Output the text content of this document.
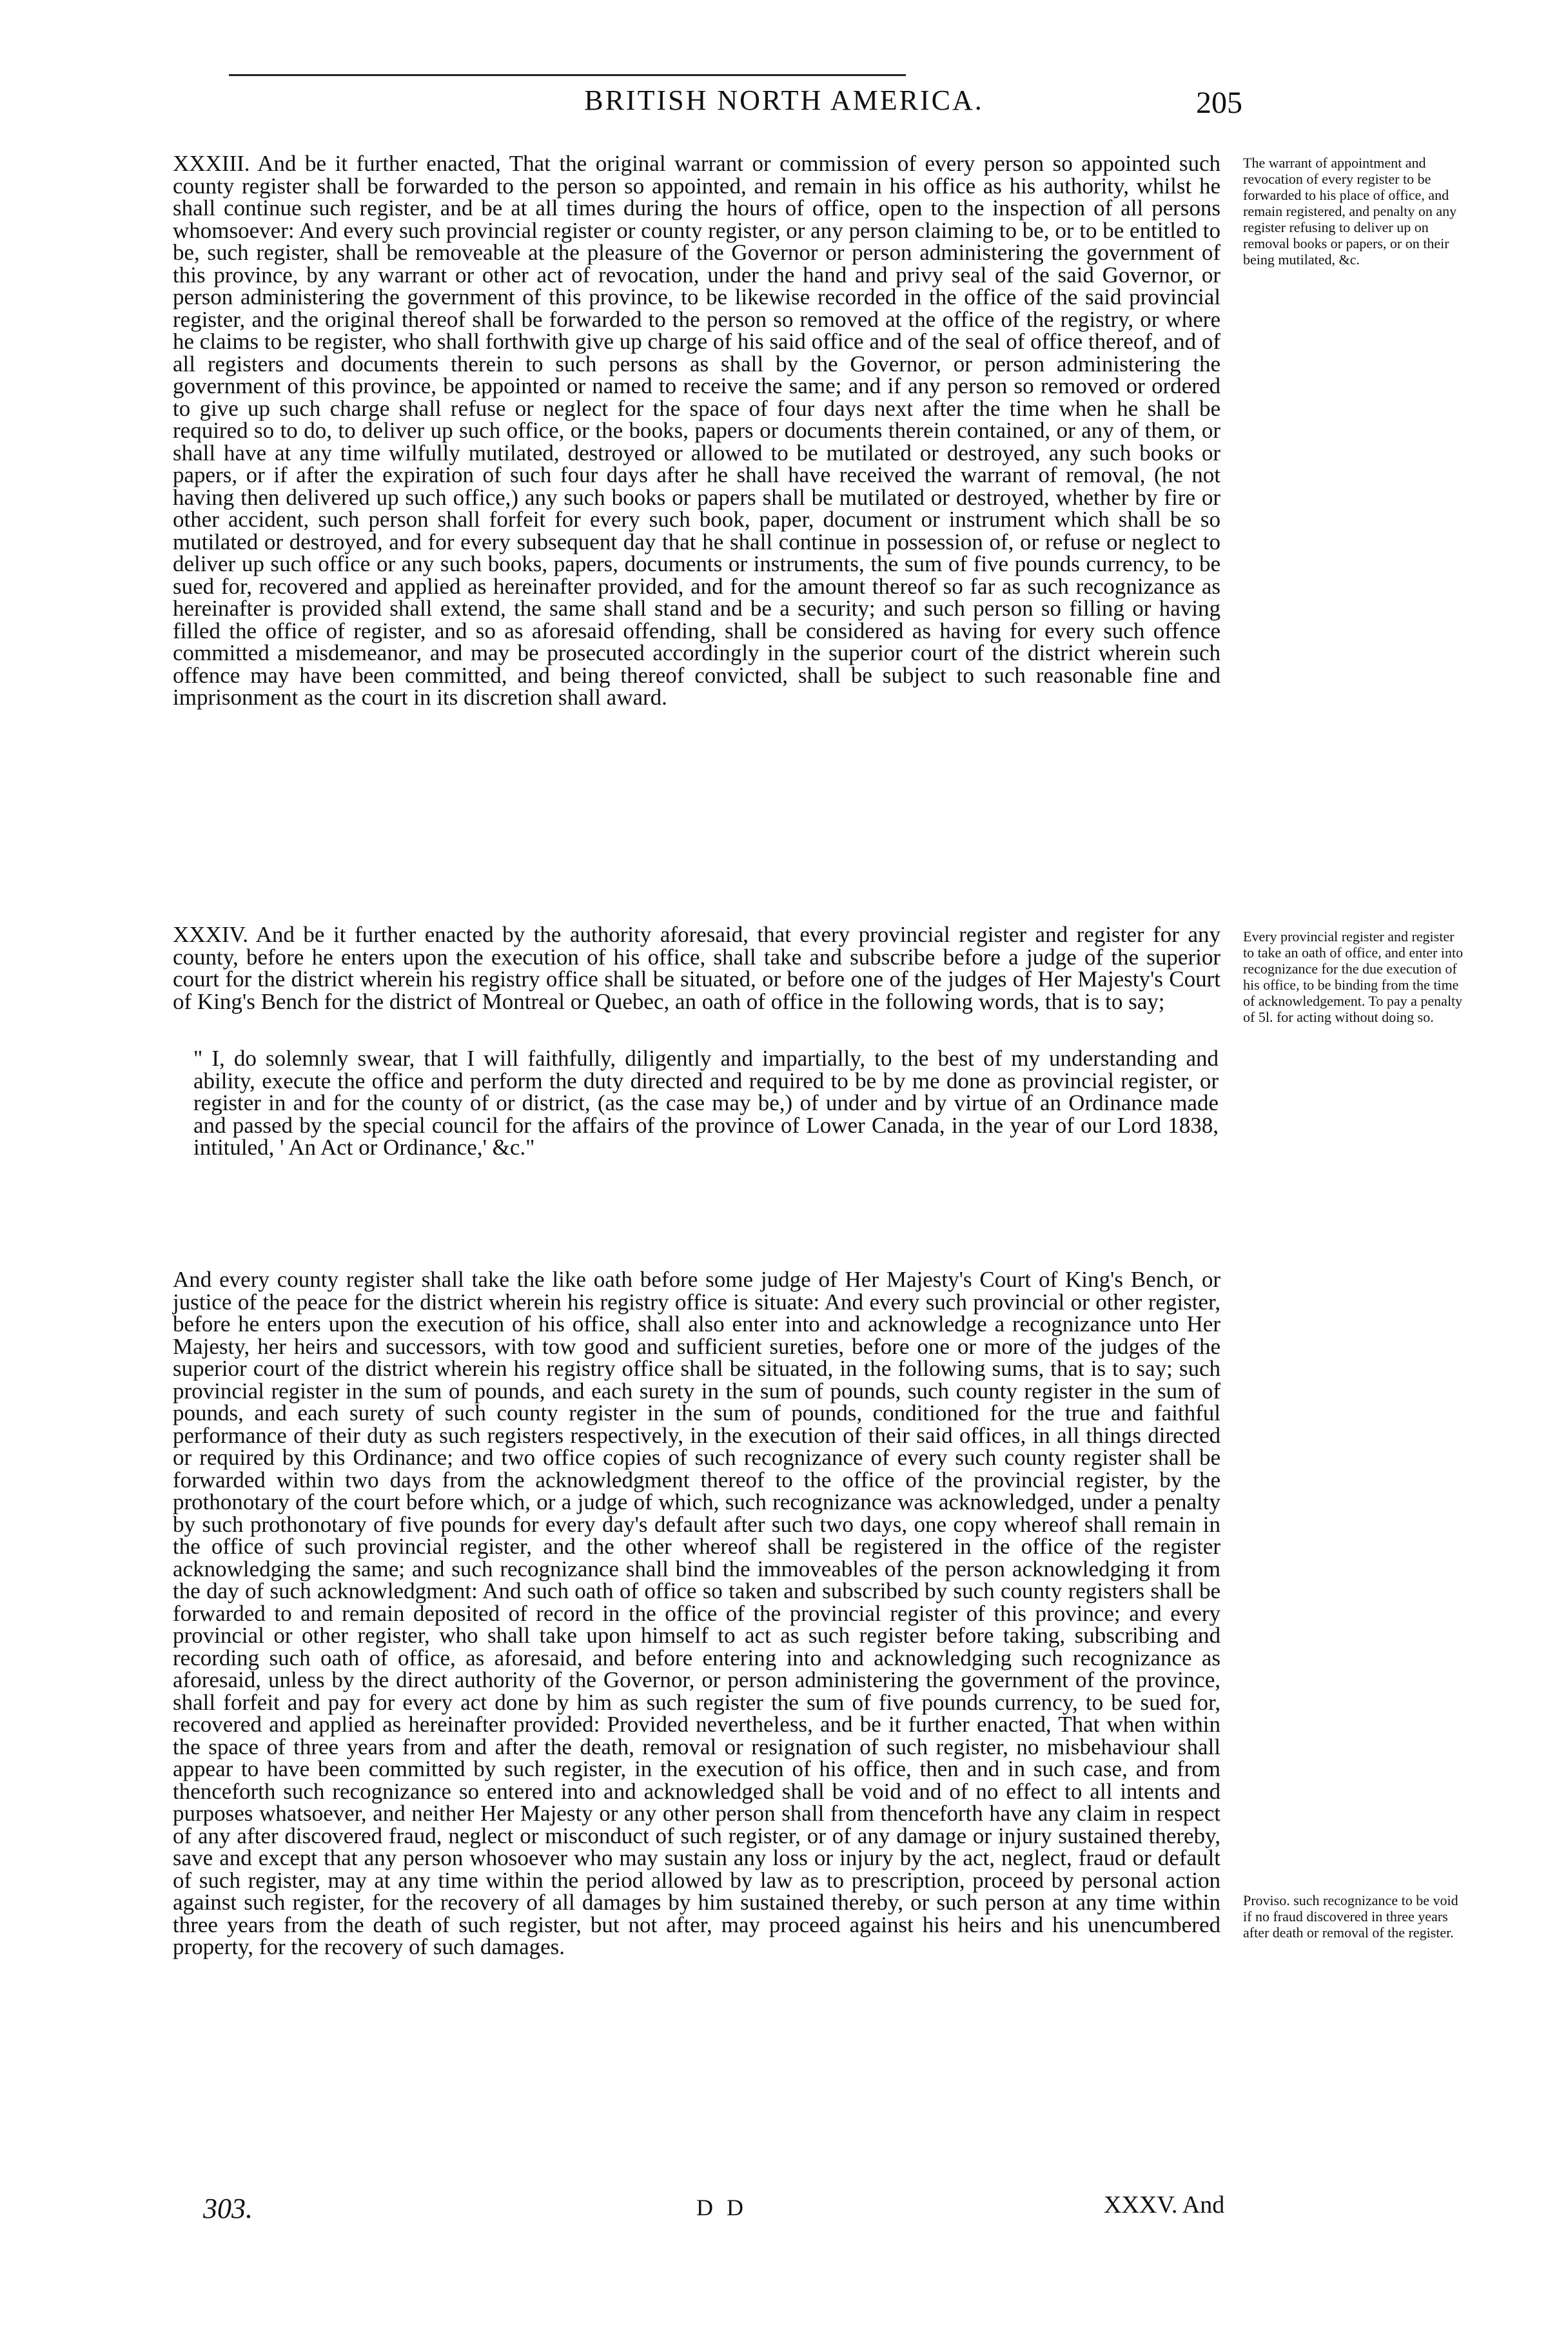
BRITISH NORTH AMERICA.	205

XXXIII. And be it further enacted, That the original warrant or commission of every person so appointed such county register shall be forwarded to the person so appointed, and remain in his office as his authority, whilst he shall continue such register, and be at all times during the hours of office, open to the inspection of all persons whomsoever: And every such provincial register or county register, or any person claiming to be, or to be entitled to be, such register, shall be removeable at the pleasure of the Governor or person administering the government of this province, by any warrant or other act of revocation, under the hand and privy seal of the said Governor, or person administering the government of this province, to be likewise recorded in the office of the said provincial register, and the original thereof shall be forwarded to the person so removed at the office of the registry, or where he claims to be register, who shall forthwith give up charge of his said office and of the seal of office thereof, and of all registers and documents therein to such persons as shall by the Governor, or person administering the government of this province, be appointed or named to receive the same; and if any person so removed or ordered to give up such charge shall refuse or neglect for the space of four days next after the time when he shall be required so to do, to deliver up such office, or the books, papers or documents therein contained, or any of them, or shall have at any time wilfully mutilated, destroyed or allowed to be mutilated or destroyed, any such books or papers, or if after the expiration of such four days after he shall have received the warrant of removal, (he not having then delivered up such office,) any such books or papers shall be mutilated or destroyed, whether by fire or other accident, such person shall forfeit for every such book, paper, document or instrument which shall be so mutilated or destroyed, and for every subsequent day that he shall continue in possession of, or refuse or neglect to deliver up such office or any such books, papers, documents or instruments, the sum of five pounds currency, to be sued for, recovered and applied as hereinafter provided, and for the amount thereof so far as such recognizance as hereinafter is provided shall extend, the same shall stand and be a security; and such person so filling or having filled the office of register, and so as aforesaid offending, shall be considered as having for every such offence committed a misdemeanor, and may be prosecuted accordingly in the superior court of the district wherein such offence may have been committed, and being thereof convicted, shall be subject to such reasonable fine and imprisonment as the court in its discretion shall award.

The warrant of appointment and revocation of every register to be forwarded to his place of office, and remain registered, and penalty on any register refusing to deliver up on removal books or papers, or on their being mutilated, &c.

XXXIV. And be it further enacted by the authority aforesaid, that every provincial register and register for any county, before he enters upon the execution of his office, shall take and subscribe before a judge of the superior court for the district wherein his registry office shall be situated, or before one of the judges of Her Majesty's Court of King's Bench for the district of Montreal or Quebec, an oath of office in the following words, that is to say;

Every provincial register and register to take an oath of office, and enter into recognizance for the due execution of his office, to be binding from the time of acknowledgement. To pay a penalty of 5l. for acting without doing so.
" I, do solemnly swear, that I will faithfully, diligently and impartially, to the best of my understanding and ability, execute the office and perform the duty directed and required to be by me done as provincial register, or register in and for the county of or district, (as the case may be,) of under and by virtue of an Ordinance made and passed by the special council for the affairs of the province of Lower Canada, in the year of our Lord 1838, intituled, ' An Act or Ordinance,' &c."

And every county register shall take the like oath before some judge of Her Majesty's Court of King's Bench, or justice of the peace for the district wherein his registry office is situate: And every such provincial or other register, before he enters upon the execution of his office, shall also enter into and acknowledge a recognizance unto Her Majesty, her heirs and successors, with tow good and sufficient sureties, before one or more of the judges of the superior court of the district wherein his registry office shall be situated, in the following sums, that is to say; such provincial register in the sum of pounds, and each surety in the sum of pounds, such county register in the sum of pounds, and each surety of such county register in the sum of pounds, conditioned for the true and faithful performance of their duty as such registers respectively, in the execution of their said offices, in all things directed or required by this Ordinance; and two office copies of such recognizance of every such county register shall be forwarded within two days from the acknowledgment thereof to the office of the provincial register, by the prothonotary of the court before which, or a judge of which, such recognizance was acknowledged, under a penalty by such prothonotary of five pounds for every day's default after such two days, one copy whereof shall remain in the office of such provincial register, and the other whereof shall be registered in the office of the register acknowledging the same; and such recognizance shall bind the immoveables of the person acknowledging it from the day of such acknowledgment: And such oath of office so taken and subscribed by such county registers shall be forwarded to and remain deposited of record in the office of the provincial register of this province; and every provincial or other register, who shall take upon himself to act as such register before taking, subscribing and recording such oath of office, as aforesaid, and before entering into and acknowledging such recognizance as aforesaid, unless by the direct authority of the Governor, or person administering the government of the province, shall forfeit and pay for every act done by him as such register the sum of five pounds currency, to be sued for, recovered and applied as hereinafter provided: Provided nevertheless, and be it further enacted, That when within the space of three years from and after the death, removal or resignation of such register, no misbehaviour shall appear to have been committed by such register, in the execution of his office, then and in such case, and from thenceforth such recognizance so entered into and acknowledged shall be void and of no effect to all intents and purposes whatsoever, and neither Her Majesty or any other person shall from thenceforth have any claim in respect of any after discovered fraud, neglect or misconduct of such register, or of any damage or injury sustained thereby, save and except that any person whosoever who may sustain any loss or injury by the act, neglect, fraud or default of such register, may at any time within the period allowed by law as to prescription, proceed by personal action against such register, for the recovery of all damages by him sustained thereby, or such person at any time within three years from the death of such register, but not after, may proceed against his heirs and his unencumbered property, for the recovery of such damages.

Proviso. such recognizance to be void if no fraud discovered in three years after death or removal of the register.
303.	D D	XXXV. And
